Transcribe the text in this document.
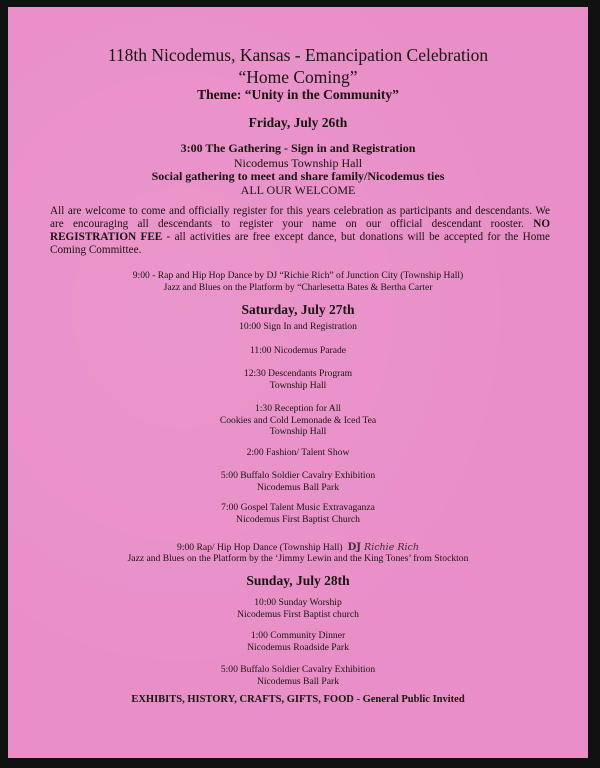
118th Nicodemus, Kansas - Emancipation Celebration
“Home Coming”
Theme: “Unity in the Community”
Friday, July 26th
3:00 The Gathering - Sign in and Registration
Nicodemus Township Hall
Social gathering to meet and share family/Nicodemus ties
ALL OUR WELCOME
All are welcome to come and officially register for this years celebration as participants and descendants. We are encouraging all descendants to register your name on our official descendant rooster. NO REGISTRATION FEE - all activities are free except dance, but donations will be accepted for the Home Coming Committee.
9:00 - Rap and Hip Hop Dance by DJ “Richie Rich” of Junction City (Township Hall)
Jazz and Blues on the Platform by “Charlesetta Bates & Bertha Carter
Saturday, July 27th
10:00 Sign In and Registration
11:00 Nicodemus Parade
12:30 Descendants Program
Township Hall
1:30 Reception for All
Cookies and Cold Lemonade & Iced Tea
Township Hall
2:00 Fashion/ Talent Show
5:00 Buffalo Soldier Cavalry Exhibition
Nicodemus Ball Park
7:00 Gospel Talent Music Extravaganza
Nicodemus First Baptist Church
9:00 Rap/ Hip Hop Dance (Township Hall) DJ Richie Rich
Jazz and Blues on the Platform by the ‘Jimmy Lewin and the King Tones’ from Stockton
Sunday, July 28th
10:00 Sunday Worship
Nicodemus First Baptist church
1:00 Community Dinner
Nicodemus Roadside Park
5:00 Buffalo Soldier Cavalry Exhibition
Nicodemus Ball Park
EXHIBITS, HISTORY, CRAFTS, GIFTS, FOOD - General Public Invited
